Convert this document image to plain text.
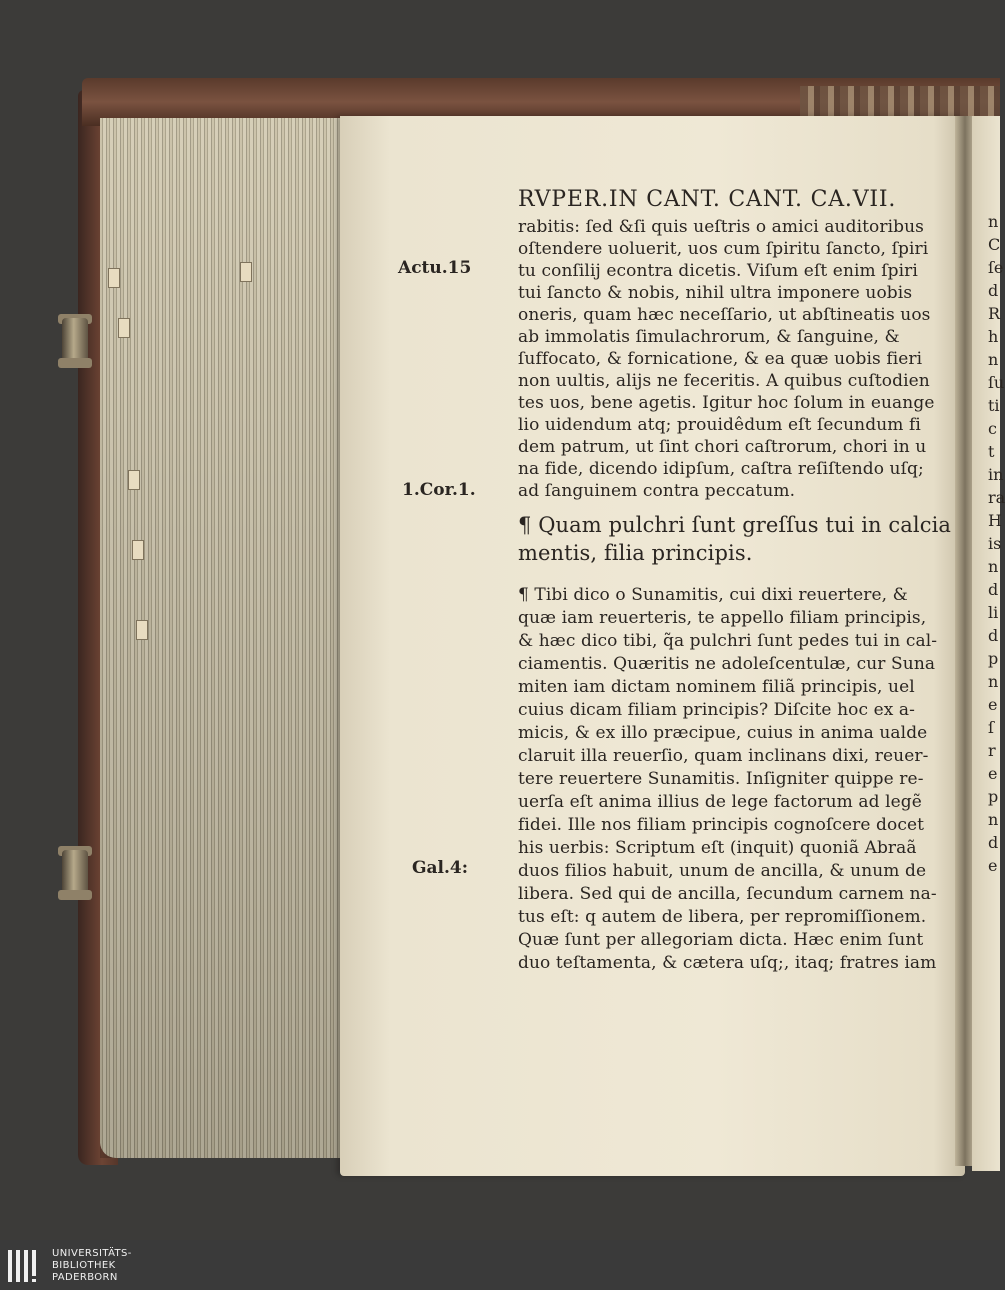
Actu.15
1.Cor.1.
Gal.4:
RVPER.IN CANT. CANT. CA.VII.
rabitis: ſed &ſi quis ueſtris o amici auditoribus
oſtendere uoluerit, uos cum ſpiritu ſancto, ſpiri
tu conſilij econtra dicetis. Viſum eſt enim ſpiri
tui ſancto & nobis, nihil ultra imponere uobis
oneris, quam hæc neceſſario, ut abſtineatis uos
ab immolatis ſimulachrorum, & ſanguine, &
ſuffocato, & fornicatione, & ea quæ uobis fieri
non uultis, alijs ne feceritis. A quibus cuſtodien
tes uos, bene agetis. Igitur hoc ſolum in euange
lio uidendum atq; prouidêdum eſt ſecundum fi
dem patrum, ut ſint chori caſtrorum, chori in u
na fide, dicendo idipſum, caſtra reſiſtendo uſq;
ad ſanguinem contra peccatum.
¶ Quam pulchri ſunt greſſus tui in calcia
mentis, filia principis.
¶ Tibi dico o Sunamitis, cui dixi reuertere, &
quæ iam reuerteris, te appello filiam principis,
& hæc dico tibi, q̃a pulchri ſunt pedes tui in cal-
ciamentis. Quæritis ne adoleſcentulæ, cur Suna
miten iam dictam nominem filiã principis, uel
cuius dicam filiam principis? Diſcite hoc ex a-
micis, & ex illo præcipue, cuius in anima ualde
claruit illa reuerſio, quam inclinans dixi, reuer-
tere reuertere Sunamitis. Inſigniter quippe re-
uerſa eſt anima illius de lege factorum ad legẽ
fidei. Ille nos filiam principis cognoſcere docet
his uerbis: Scriptum eſt (inquit) quoniã Abraã
duos filios habuit, unum de ancilla, & unum de
libera. Sed qui de ancilla, ſecundum carnem na-
tus eſt: q autem de libera, per repromiſſionem.
Quæ ſunt per allegoriam dicta. Hæc enim ſunt
duo teſtamenta, & cætera uſq;, itaq; fratres iam
n
C
ſe
d
R
h
n
ſu
ti
c
t
in
ra
H
is
n
d
li
d
p
n
e
ſ
r
e
p
n
d
e
UNIVERSITÄTS-
BIBLIOTHEK
PADERBORN
